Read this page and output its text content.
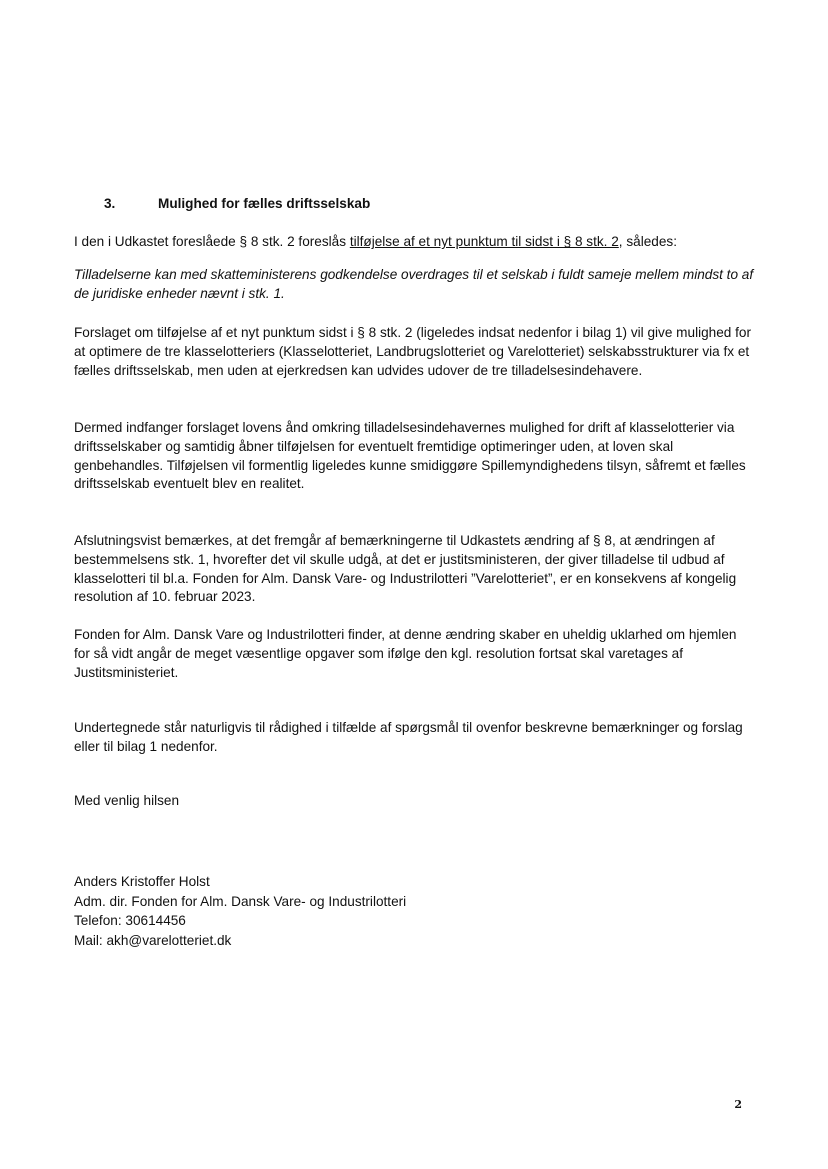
3.	Mulighed for fælles driftsselskab

I den i Udkastet foreslåede § 8 stk. 2 foreslås tilføjelse af et nyt punktum til sidst i § 8 stk. 2, således:

Tilladelserne kan med skatteministerens godkendelse overdrages til et selskab i fuldt sameje mellem mindst to af de juridiske enheder nævnt i stk. 1.

Forslaget om tilføjelse af et nyt punktum sidst i § 8 stk. 2 (ligeledes indsat nedenfor i bilag 1) vil give mulighed for at optimere de tre klasselotteriers (Klasselotteriet, Landbrugslotteriet og Varelotteriet) selskabsstrukturer via fx et fælles driftsselskab, men uden at ejerkredsen kan udvides udover de tre tilladelsesindehavere.

Dermed indfanger forslaget lovens ånd omkring tilladelsesindehavernes mulighed for drift af klasselotterier via driftsselskaber og samtidig åbner tilføjelsen for eventuelt fremtidige optimeringer uden, at loven skal genbehandles. Tilføjelsen vil formentlig ligeledes kunne smidiggøre Spillemyndighedens tilsyn, såfremt et fælles driftsselskab eventuelt blev en realitet.

Afslutningsvist bemærkes, at det fremgår af bemærkningerne til Udkastets ændring af § 8, at ændringen af bestemmelsens stk. 1, hvorefter det vil skulle udgå, at det er justitsministeren, der giver tilladelse til udbud af klasselotteri til bl.a. Fonden for Alm. Dansk Vare- og Industrilotteri ”Varelotteriet”, er en konsekvens af kongelig resolution af 10. februar 2023.

Fonden for Alm. Dansk Vare og Industrilotteri finder, at denne ændring skaber en uheldig uklarhed om hjemlen for så vidt angår de meget væsentlige opgaver som ifølge den kgl. resolution fortsat skal varetages af Justitsministeriet.

Undertegnede står naturligvis til rådighed i tilfælde af spørgsmål til ovenfor beskrevne bemærkninger og forslag eller til bilag 1 nedenfor.

Med venlig hilsen

Anders Kristoffer Holst
Adm. dir. Fonden for Alm. Dansk Vare- og Industrilotteri
Telefon: 30614456
Mail: akh@varelotteriet.dk
2
